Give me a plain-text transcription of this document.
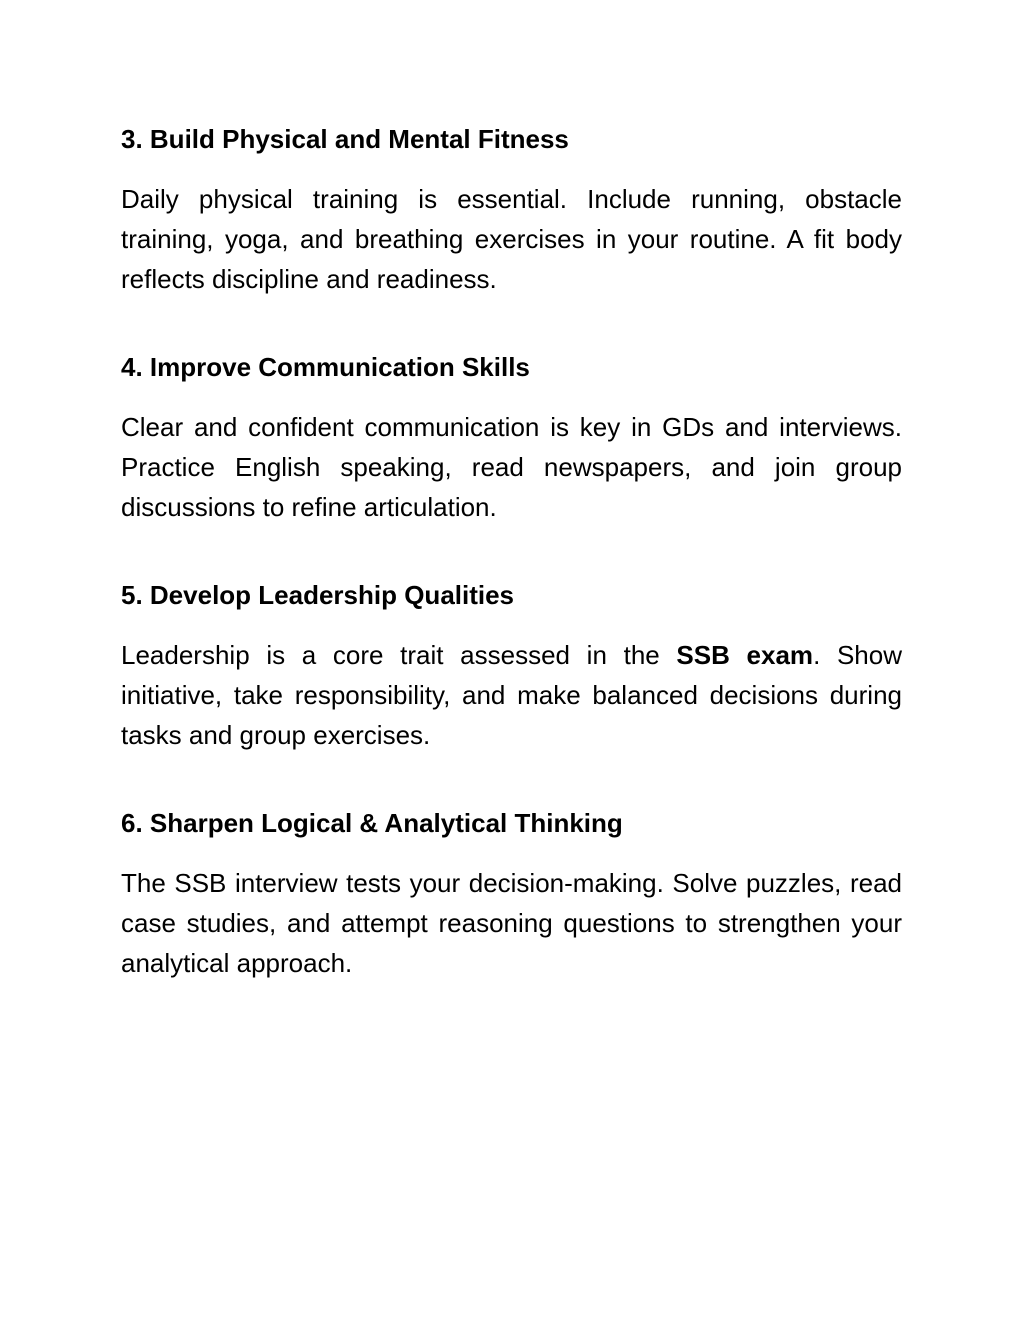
3. Build Physical and Mental Fitness

Daily physical training is essential. Include running, obstacle training, yoga, and breathing exercises in your routine. A fit body reflects discipline and readiness.

4. Improve Communication Skills

Clear and confident communication is key in GDs and interviews. Practice English speaking, read newspapers, and join group discussions to refine articulation.

5. Develop Leadership Qualities

Leadership is a core trait assessed in the SSB exam. Show initiative, take responsibility, and make balanced decisions during tasks and group exercises.

6. Sharpen Logical & Analytical Thinking

The SSB interview tests your decision-making. Solve puzzles, read case studies, and attempt reasoning questions to strengthen your analytical approach.
